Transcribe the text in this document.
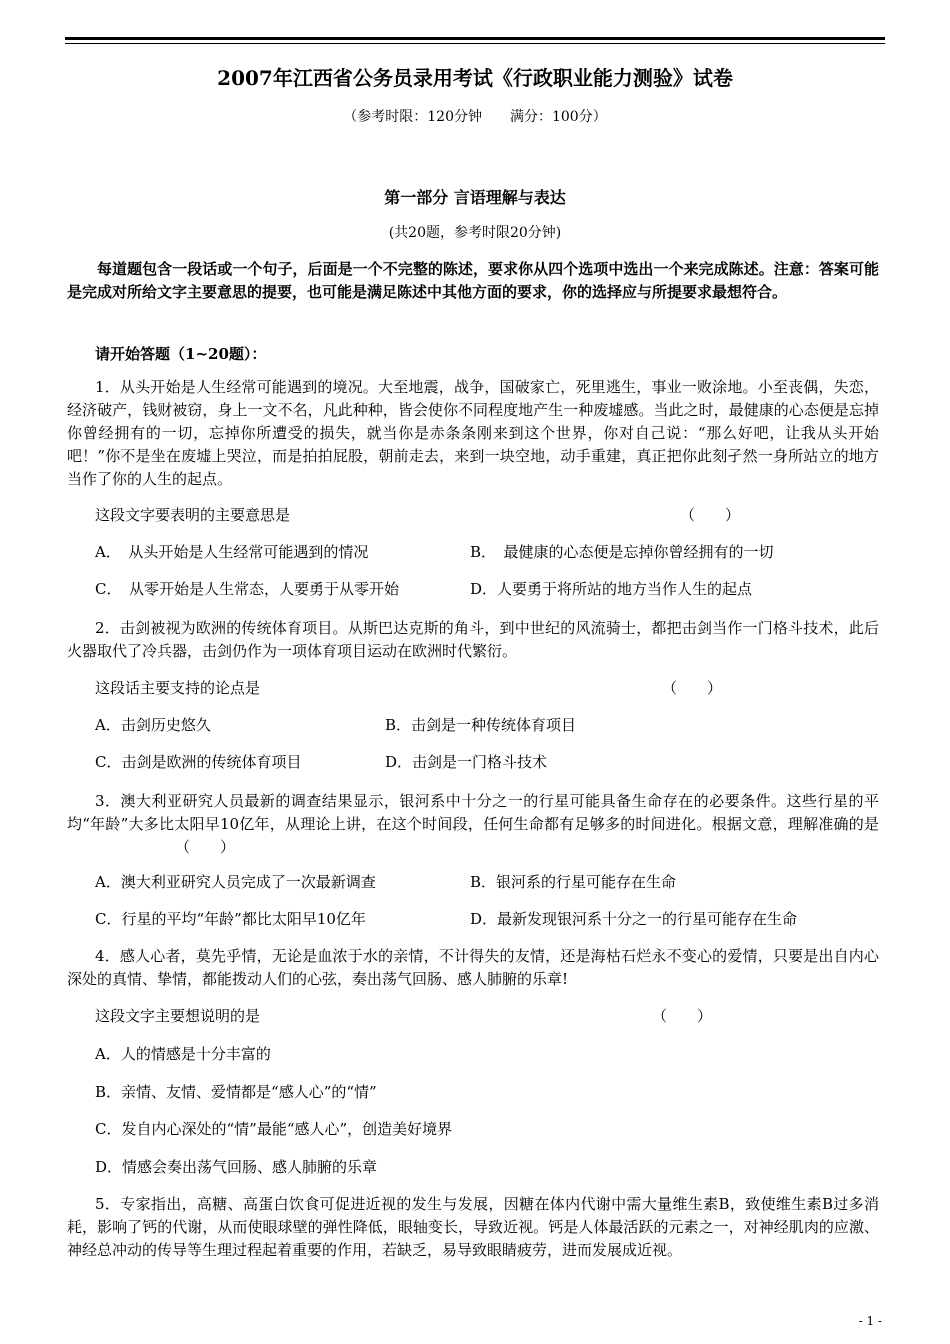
2007年江西省公务员录用考试《行政职业能力测验》试卷
（参考时限：120分钟　　满分：100分）
第一部分 言语理解与表达
(共20题，参考时限20分钟)
每道题包含一段话或一个句子，后面是一个不完整的陈述，要求你从四个选项中选出一个来完成陈述。注意：答案可能是完成对所给文字主要意思的提要，也可能是满足陈述中其他方面的要求，你的选择应与所提要求最想符合。
请开始答题（1~20题）：
1．从头开始是人生经常可能遇到的境况。大至地震，战争，国破家亡，死里逃生，事业一败涂地。小至丧偶，失恋，经济破产，钱财被窃，身上一文不名，凡此种种，皆会使你不同程度地产生一种废墟感。当此之时，最健康的心态便是忘掉你曾经拥有的一切，忘掉你所遭受的损失，就当你是赤条条刚来到这个世界，你对自己说：“那么好吧，让我从头开始吧！”你不是坐在废墟上哭泣，而是拍拍屁股，朝前走去，来到一块空地，动手重建，真正把你此刻孑然一身所站立的地方当作了你的人生的起点。
这段文字要表明的主要意思是	（　　）
A．　从头开始是人生经常可能遇到的情况	B．　最健康的心态便是忘掉你曾经拥有的一切
C．　从零开始是人生常态，人要勇于从零开始	D．人要勇于将所站的地方当作人生的起点
2．击剑被视为欧洲的传统体育项目。从斯巴达克斯的角斗，到中世纪的风流骑士，都把击剑当作一门格斗技术，此后火器取代了冷兵器，击剑仍作为一项体育项目运动在欧洲时代繁衍。
这段话主要支持的论点是	（　　）
A．击剑历史悠久	B．击剑是一种传统体育项目
C．击剑是欧洲的传统体育项目	D．击剑是一门格斗技术
3．澳大利亚研究人员最新的调查结果显示，银河系中十分之一的行星可能具备生命存在的必要条件。这些行星的平均“年龄”大多比太阳早10亿年，从理论上讲，在这个时间段，任何生命都有足够多的时间进化。根据文意，理解准确的是（　　）
A．澳大利亚研究人员完成了一次最新调查	B．银河系的行星可能存在生命
C．行星的平均“年龄”都比太阳早10亿年	D．最新发现银河系十分之一的行星可能存在生命
4．感人心者，莫先乎情，无论是血浓于水的亲情，不计得失的友情，还是海枯石烂永不变心的爱情，只要是出自内心深处的真情、挚情，都能拨动人们的心弦，奏出荡气回肠、感人肺腑的乐章!
这段文字主要想说明的是	（　　）
A．人的情感是十分丰富的
B．亲情、友情、爱情都是“感人心”的“情”
C．发自内心深处的“情”最能“感人心”，创造美好境界
D．情感会奏出荡气回肠、感人肺腑的乐章
5．专家指出，高糖、高蛋白饮食可促进近视的发生与发展，因糖在体内代谢中需大量维生素B，致使维生素B过多消耗，影响了钙的代谢，从而使眼球壁的弹性降低，眼轴变长，导致近视。钙是人体最活跃的元素之一，对神经肌肉的应激、神经总冲动的传导等生理过程起着重要的作用，若缺乏，易导致眼睛疲劳，进而发展成近视。
- 1 -
